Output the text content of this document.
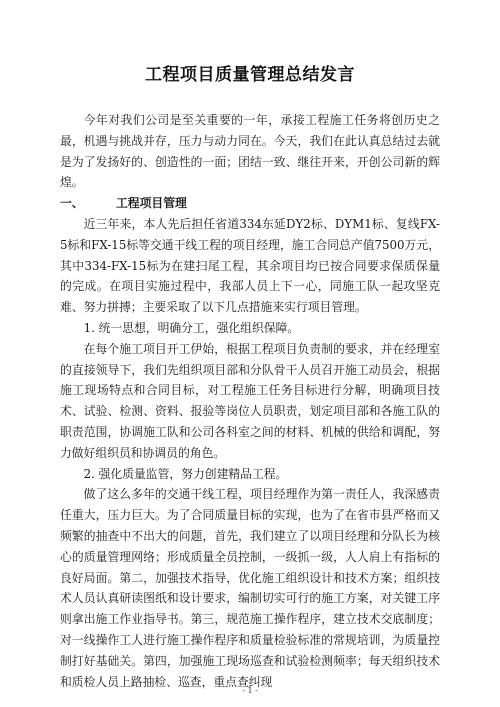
工程项目质量管理总结发言

今年对我们公司是至关重要的一年，承接工程施工任务将创历史之最，机遇与挑战并存，压力与动力同在。今天，我们在此认真总结过去就是为了发扬好的、创造性的一面；团结一致、继往开来，开创公司新的辉煌。

一、	工程项目管理

近三年来，本人先后担任省道334东延DY2标、DYM1标、复线FX-5标和FX-15标等交通干线工程的项目经理，施工合同总产值7500万元，其中334-FX-15标为在建扫尾工程，其余项目均已按合同要求保质保量的完成。在项目实施过程中，我部人员上下一心，同施工队一起攻坚克难、努力拼搏；主要采取了以下几点措施来实行项目管理。

1. 统一思想，明确分工，强化组织保障。

在每个施工项目开工伊始，根据工程项目负责制的要求，并在经理室的直接领导下，我们先组织项目部和分队骨干人员召开施工动员会，根据施工现场特点和合同目标，对工程施工任务目标进行分解，明确项目技术、试验、检测、资料、报验等岗位人员职责，划定项目部和各施工队的职责范围，协调施工队和公司各科室之间的材料、机械的供给和调配，努力做好组织员和协调员的角色。

2. 强化质量监管，努力创建精品工程。

做了这么多年的交通干线工程，项目经理作为第一责任人，我深感责任重大，压力巨大。为了合同质量目标的实现，也为了在省市县严格而又频繁的抽查中不出大的问题，首先，我们建立了以项目经理和分队长为核心的质量管理网络；形成质量全员控制，一级抓一级，人人肩上有指标的良好局面。第二，加强技术指导，优化施工组织设计和技术方案；组织技术人员认真研读图纸和设计要求，编制切实可行的施工方案，对关键工序则拿出施工作业指导书。第三，规范施工操作程序，建立技术交底制度；对一线操作工人进行施工操作程序和质量检验标准的常规培训，为质量控制打好基础关。第四，加强施工现场巡查和试验检测频率；每天组织技术和质检人员上路抽检、巡查，重点查纠现

- 1 -
